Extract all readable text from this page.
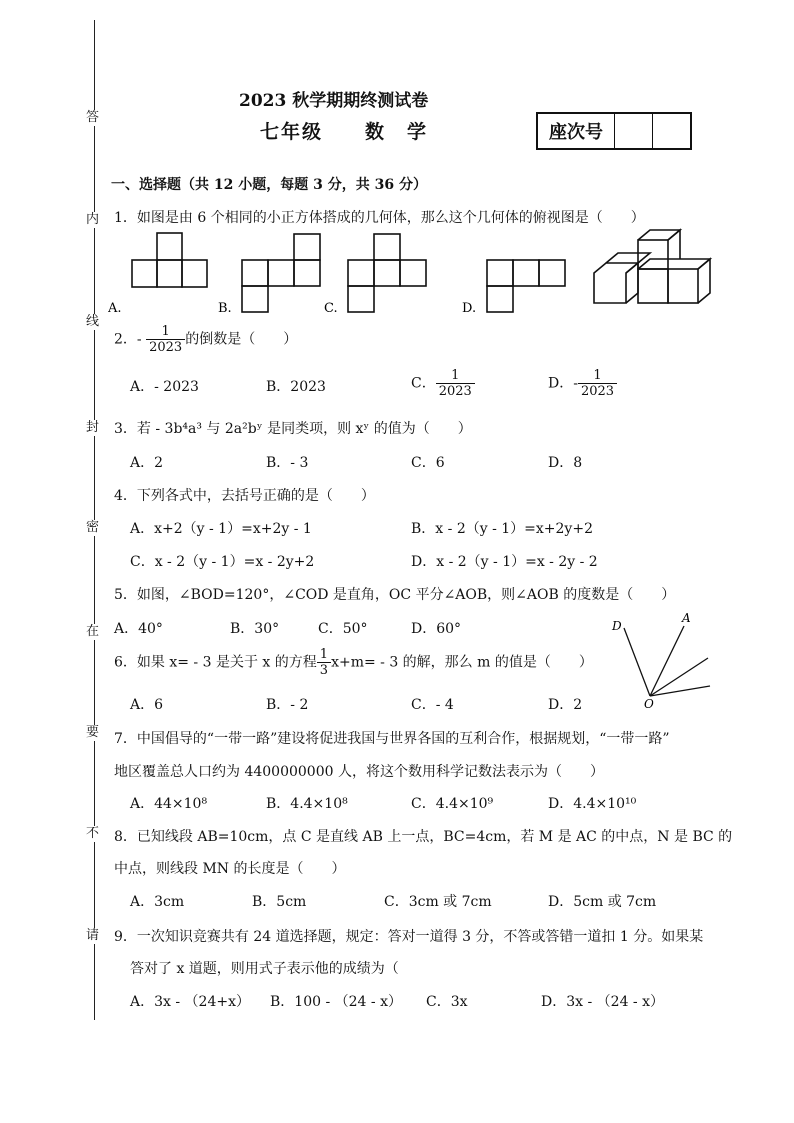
答
内
线
封
密
在
要
不
请
2023 秋学期期终测试卷
七年级　　数　学	座次号
一、选择题（共 12 小题，每题 3 分，共 36 分）
1．如图是由 6 个相同的小正方体搭成的几何体，那么这个几何体的俯视图是（　　）
A.	B.	C.	D.
2．- $\frac{1}{2023}$ 的倒数是（　　）
A．- 2023	B．2023	C． $\frac{1}{2023}$	D．- $\frac{1}{2023}$
3．若 - 3b⁴a³ 与 2a²bʸ 是同类项，则 xʸ 的值为（　　）
A．2	B．- 3	C．6	D．8
4．下列各式中，去括号正确的是（　　）
A．x+2（y - 1）=x+2y - 1	B．x - 2（y - 1）=x+2y+2
C．x - 2（y - 1）=x - 2y+2	D．x - 2（y - 1）=x - 2y - 2
5．如图，∠BOD=120°，∠COD 是直角，OC 平分∠AOB，则∠AOB 的度数是（　　）
A．40°	B．30°	C．50°	D．60°	D
A
O
6．如果 x= - 3 是关于 x 的方程 $\frac{1}{3} x+m= - 3$ 的解，那么 m 的值是（　　）
A．6	B．- 2	C．- 4	D．2
7．中国倡导的“一带一路”建设将促进我国与世界各国的互利合作，根据规划，“一带一路”
地区覆盖总人口约为 4400000000 人，将这个数用科学记数法表示为（　　）
A．44×10⁸	B．4.4×10⁸	C．4.4×10⁹	D．4.4×10¹⁰
8．已知线段 AB=10cm，点 C 是直线 AB 上一点，BC=4cm，若 M 是 AC 的中点，N 是 BC 的
中点，则线段 MN 的长度是（　　）
A．3cm	B．5cm	C．3cm 或 7cm	D．5cm 或 7cm
9．一次知识竞赛共有 24 道选择题，规定：答对一道得 3 分，不答或答错一道扣 1 分。如果某
答对了 x 道题，则用式子表示他的成绩为（
A．3x - （24+x） B．100 - （24 - x） C．3x	D．3x - （24 - x）
